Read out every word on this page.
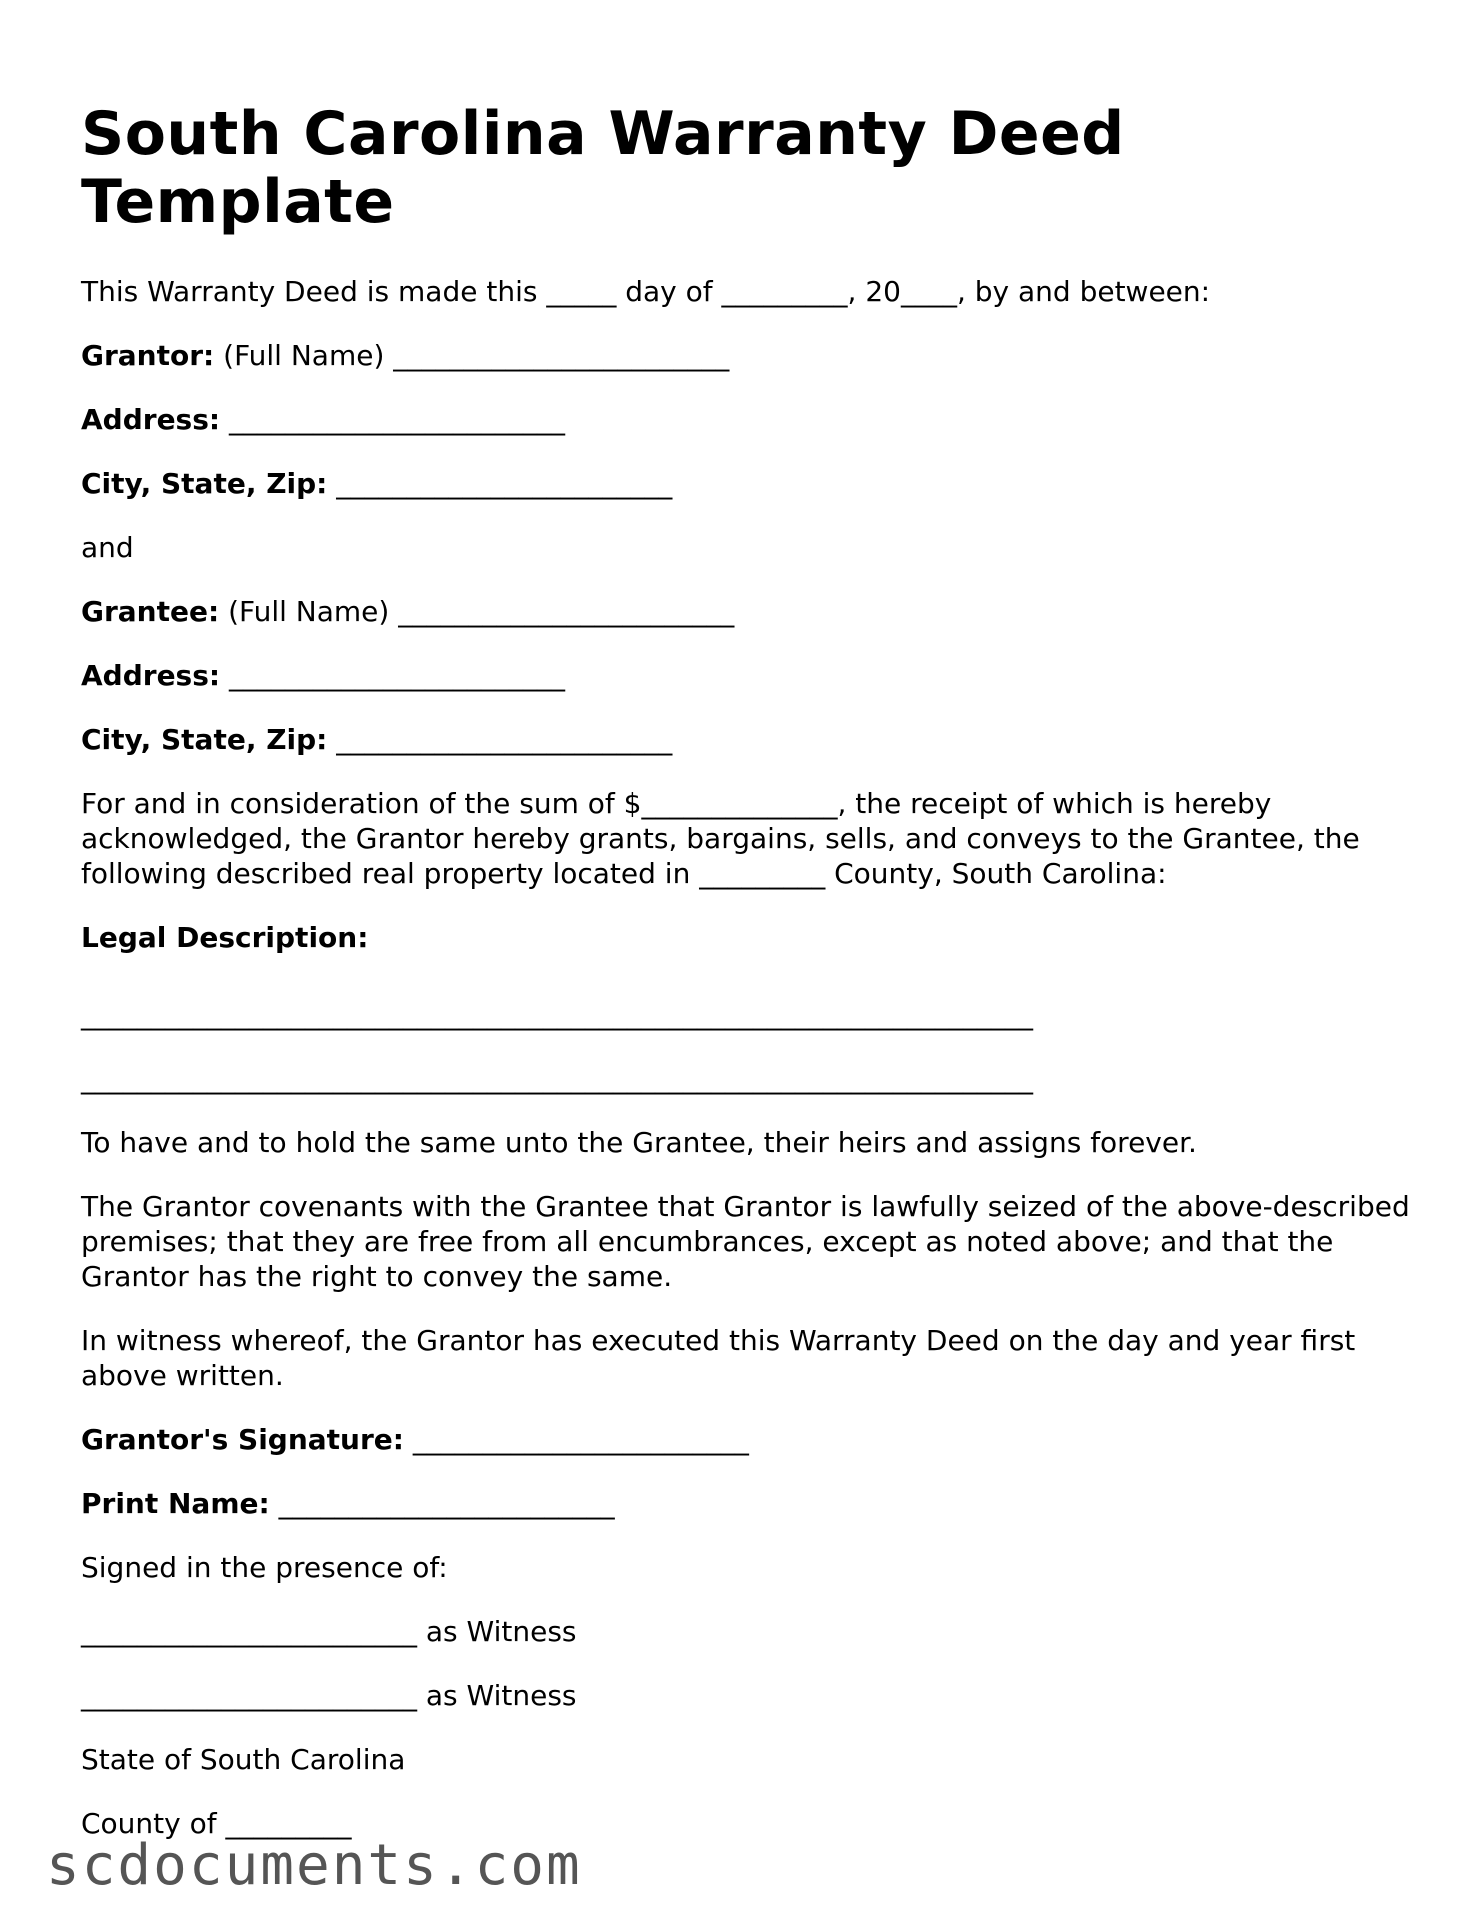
South Carolina Warranty Deed Template

This Warranty Deed is made this _____ day of _________, 20____, by and between:

Grantor: (Full Name) ________________________

Address: ________________________

City, State, Zip: ________________________

and

Grantee: (Full Name) ________________________

Address: ________________________

City, State, Zip: ________________________

For and in consideration of the sum of $______________, the receipt of which is hereby acknowledged, the Grantor hereby grants, bargains, sells, and conveys to the Grantee, the following described real property located in _________ County, South Carolina:

Legal Description:

____________________________________________________________________
____________________________________________________________________

To have and to hold the same unto the Grantee, their heirs and assigns forever.

The Grantor covenants with the Grantee that Grantor is lawfully seized of the above-described premises; that they are free from all encumbrances, except as noted above; and that the Grantor has the right to convey the same.

In witness whereof, the Grantor has executed this Warranty Deed on the day and year first above written.

Grantor's Signature: ________________________

Print Name: ________________________

Signed in the presence of:

________________________ as Witness

________________________ as Witness

State of South Carolina

County of _________

scdocuments.com
